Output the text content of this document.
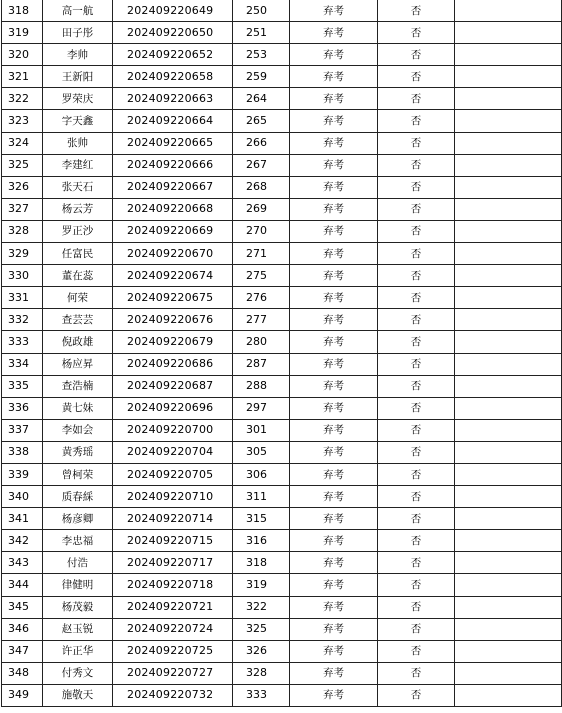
318	高一航	202409220649	250	弃考	否	
319	田子彤	202409220650	251	弃考	否	
320	李帅	202409220652	253	弃考	否	
321	王新阳	202409220658	259	弃考	否	
322	罗荣庆	202409220663	264	弃考	否	
323	字天鑫	202409220664	265	弃考	否	
324	张帅	202409220665	266	弃考	否	
325	李建红	202409220666	267	弃考	否	
326	张天石	202409220667	268	弃考	否	
327	杨云芳	202409220668	269	弃考	否	
328	罗正沙	202409220669	270	弃考	否	
329	任富民	202409220670	271	弃考	否	
330	董在蕊	202409220674	275	弃考	否	
331	何荣	202409220675	276	弃考	否	
332	查芸芸	202409220676	277	弃考	否	
333	倪政雄	202409220679	280	弃考	否	
334	杨应昇	202409220686	287	弃考	否	
335	查浩楠	202409220687	288	弃考	否	
336	黄七妹	202409220696	297	弃考	否	
337	李如会	202409220700	301	弃考	否	
338	黄秀瑶	202409220704	305	弃考	否	
339	曾柯荣	202409220705	306	弃考	否	
340	质春綵	202409220710	311	弃考	否	
341	杨彦卿	202409220714	315	弃考	否	
342	李忠福	202409220715	316	弃考	否	
343	付浩	202409220717	318	弃考	否	
344	律健明	202409220718	319	弃考	否	
345	杨茂毅	202409220721	322	弃考	否	
346	赵玉锐	202409220724	325	弃考	否	
347	许正华	202409220725	326	弃考	否	
348	付秀文	202409220727	328	弃考	否	
349	施敬天	202409220732	333	弃考	否	
